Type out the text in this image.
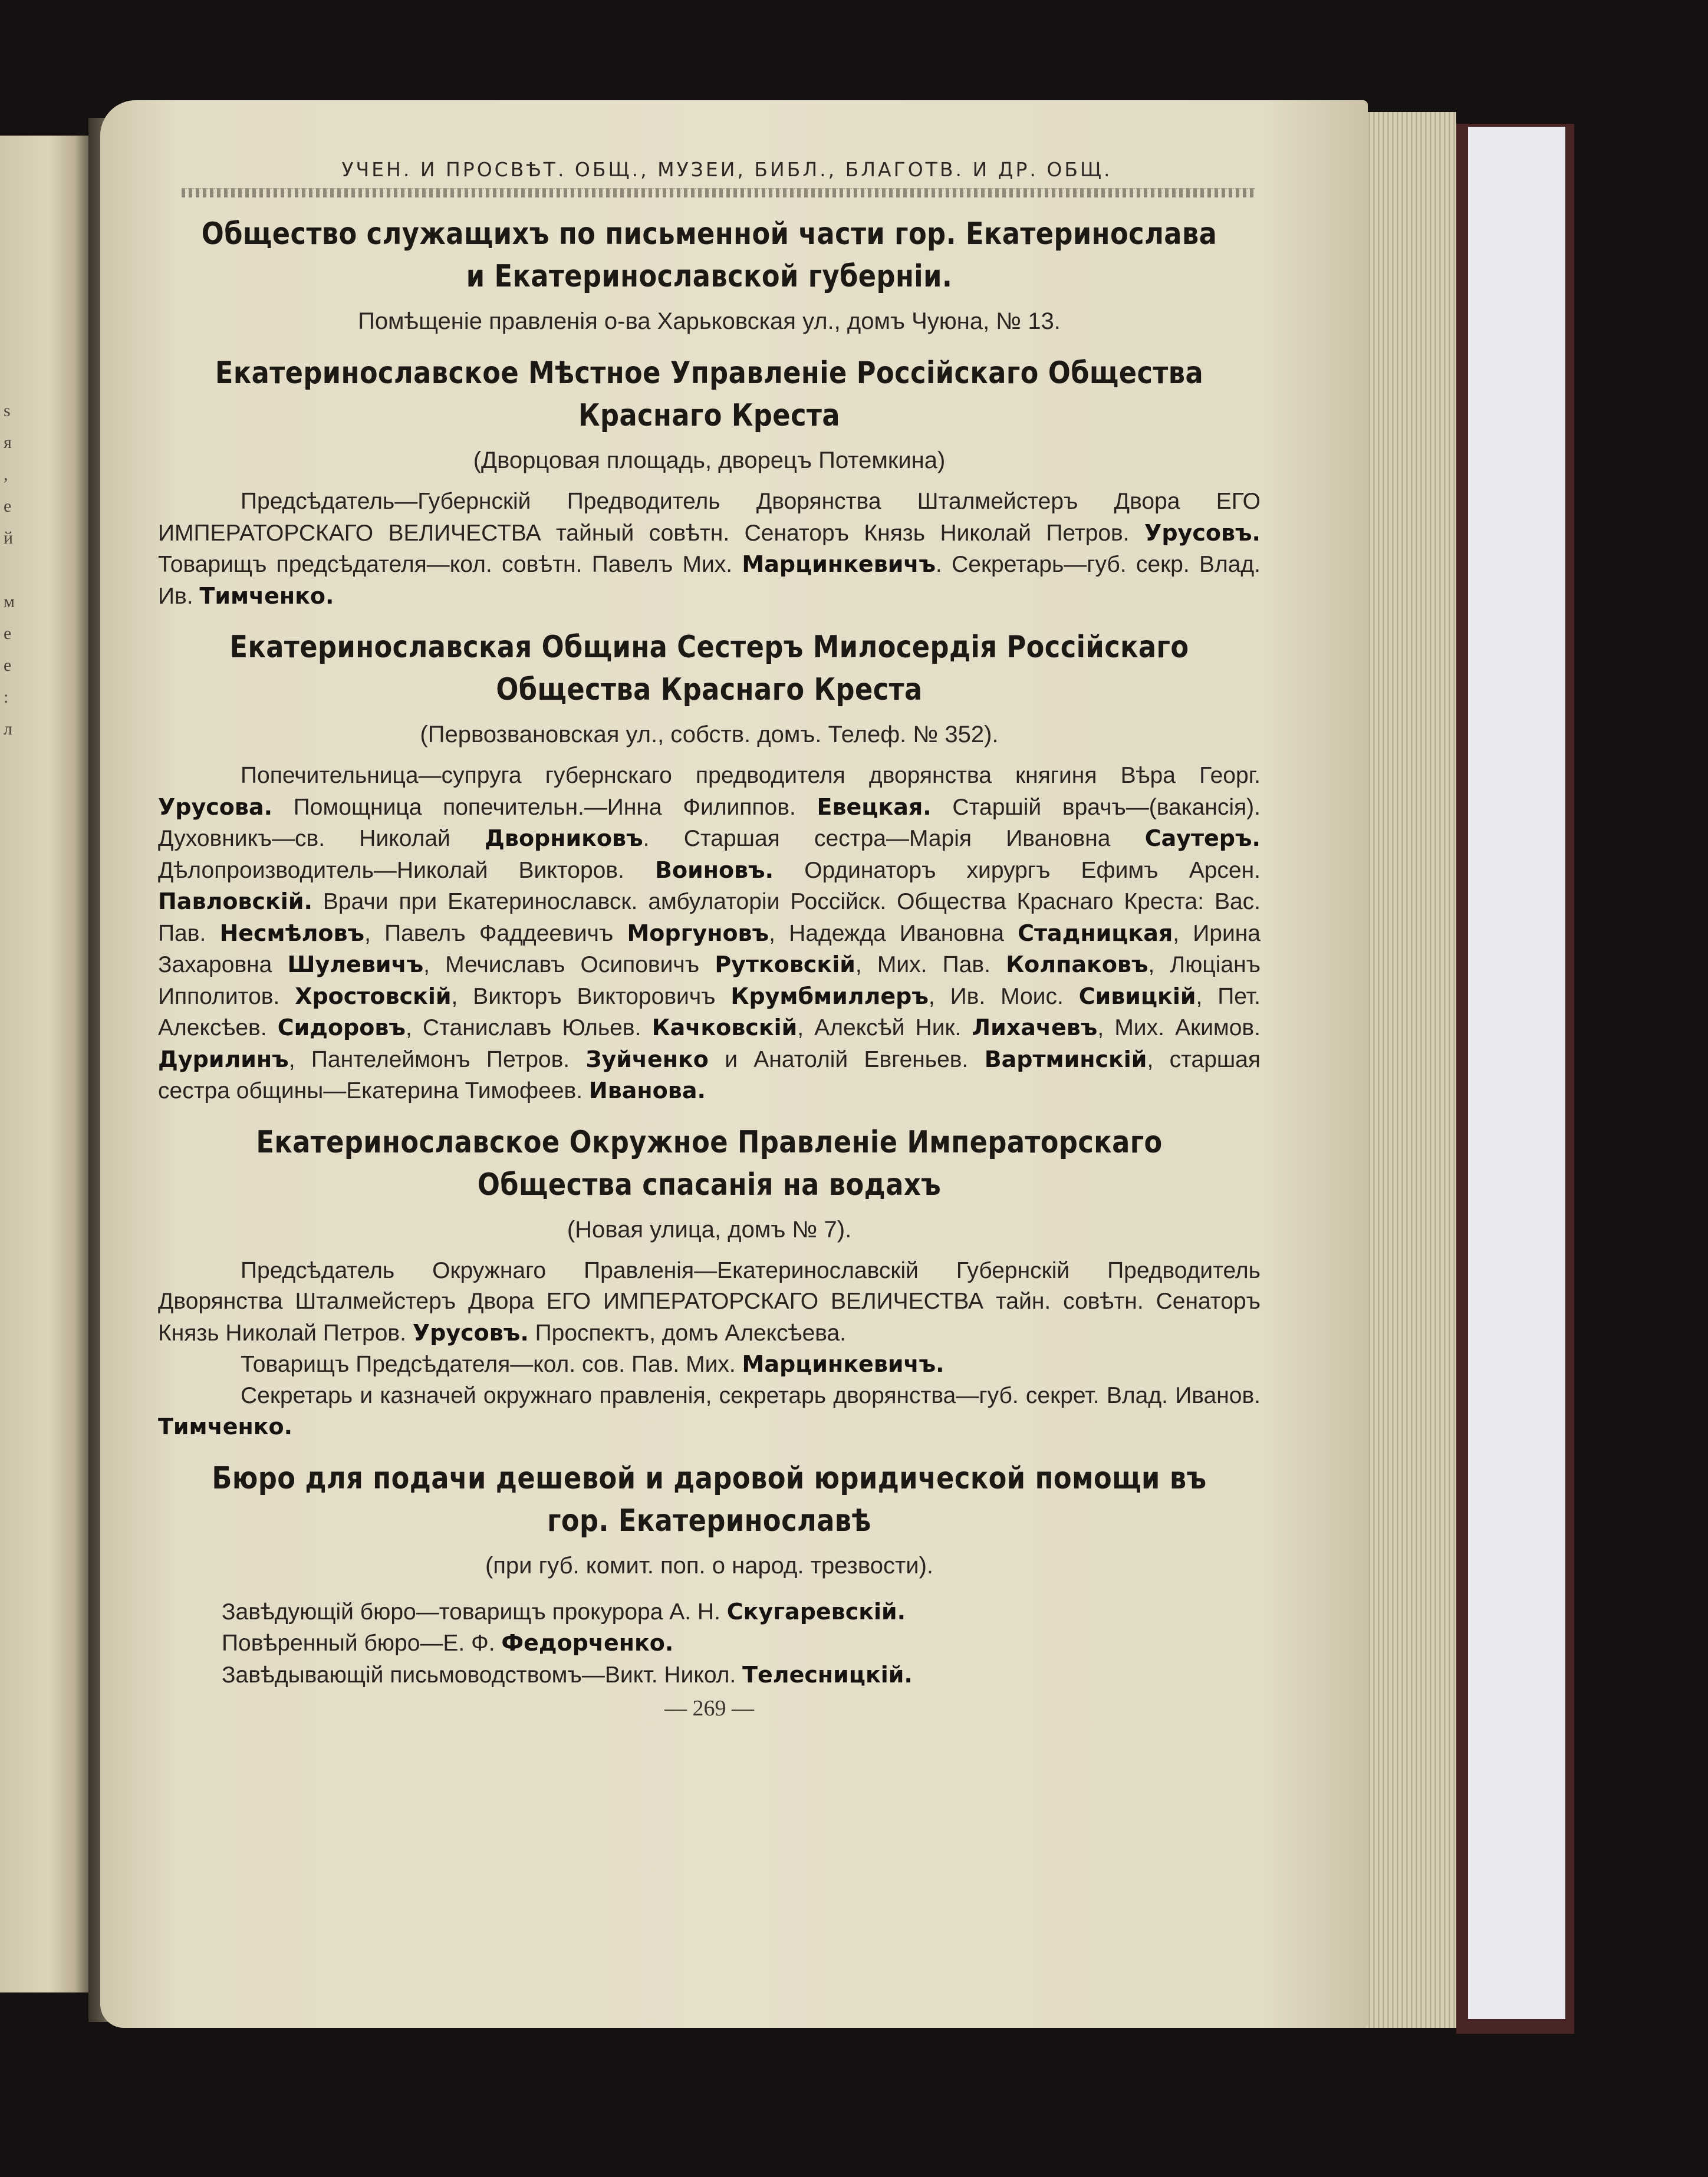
s
я
,
е
й
м
е
е
:
л
УЧЕН. И ПРОСВѢТ. ОБЩ., МУЗЕИ, БИБЛ., БЛАГОТВ. И ДР. ОБЩ.
Общество служащихъ по письменной части гор. Екатеринослава
и Екатеринославской губерніи.
Помѣщеніе правленія о-ва Харьковская ул., домъ Чуюна, № 13.
Екатеринославское Мѣстное Управленіе Россійскаго Общества
Краснаго Креста
(Дворцовая площадь, дворецъ Потемкина)
Предсѣдатель—Губернскій Предводитель Дворянства Шталмейстеръ Двора ЕГО ИМПЕРАТОРСКАГО ВЕЛИЧЕСТВА тайный совѣтн. Сенаторъ Князь Николай Петров. Урусовъ. Товарищъ предсѣдателя—кол. совѣтн. Павелъ Мих. Марцинкевичъ. Секретарь—губ. секр. Влад. Ив. Тимченко.
Екатеринославская Община Сестеръ Милосердія Россійскаго
Общества Краснаго Креста
(Первозвановская ул., собств. домъ. Телеф. № 352).
Попечительница—супруга губернскаго предводителя дворянства княгиня Вѣра Георг. Урусова. Помощница попечительн.—Инна Филиппов. Евецкая. Старшій врачъ—(вакансія). Духовникъ—св. Николай Дворниковъ. Старшая сестра—Марія Ивановна Саутеръ. Дѣлопроизводитель—Николай Викторов. Воиновъ. Ординаторъ хирургъ Ефимъ Арсен. Павловскій. Врачи при Екатеринославск. амбулаторіи Россійск. Общества Краснаго Креста: Вас. Пав. Несмѣловъ, Павелъ Фаддеевичъ Моргуновъ, Надежда Ивановна Стадницкая, Ирина Захаровна Шулевичъ, Мечиславъ Осиповичъ Рутковскій, Мих. Пав. Колпаковъ, Люціанъ Ипполитов. Хростовскій, Викторъ Викторовичъ Крумбмиллеръ, Ив. Моис. Сивицкій, Пет. Алексѣев. Сидоровъ, Станиславъ Юльев. Качковскій, Алексѣй Ник. Лихачевъ, Мих. Акимов. Дурилинъ, Пантелеймонъ Петров. Зуйченко и Анатолій Евгеньев. Вартминскій, старшая сестра общины—Екатерина Тимофеев. Иванова.
Екатеринославское Окружное Правленіе Императорскаго
Общества спасанія на водахъ
(Новая улица, домъ № 7).
Предсѣдатель Окружнаго Правленія—Екатеринославскій Губернскій Предводитель Дворянства Шталмейстеръ Двора ЕГО ИМПЕРАТОРСКАГО ВЕЛИЧЕСТВА тайн. совѣтн. Сенаторъ Князь Николай Петров. Урусовъ. Проспектъ, домъ Алексѣева.
Товарищъ Предсѣдателя—кол. сов. Пав. Мих. Марцинкевичъ.
Секретарь и казначей окружнаго правленія, секретарь дворянства—губ. секрет. Влад. Иванов. Тимченко.
Бюро для подачи дешевой и даровой юридической помощи въ
гор. Екатеринославѣ
(при губ. комит. поп. о народ. трезвости).
Завѣдующій бюро—товарищъ прокурора А. Н. Скугаревскій.
Повѣренный бюро—Е. Ф. Федорченко.
Завѣдывающій письмоводствомъ—Викт. Никол. Телесницкій.
— 269 —
